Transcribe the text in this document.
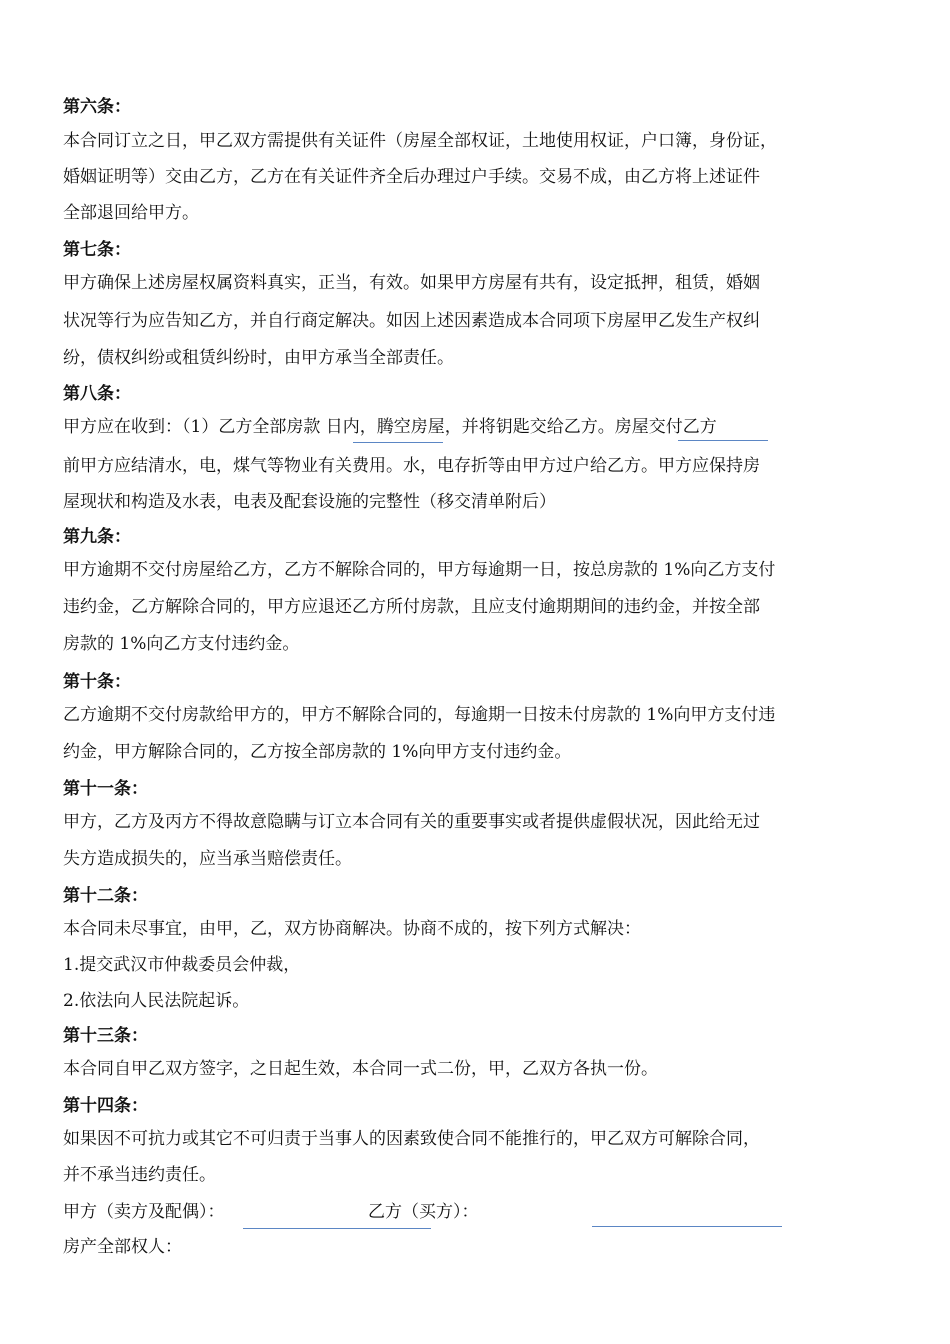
第六条：
本合同订立之日，甲乙双方需提供有关证件（房屋全部权证，土地使用权证，户口簿，身份证，
婚姻证明等）交由乙方，乙方在有关证件齐全后办理过户手续。交易不成，由乙方将上述证件
全部退回给甲方。
第七条：
甲方确保上述房屋权属资料真实，正当，有效。如果甲方房屋有共有，设定抵押，租赁，婚姻
状况等行为应告知乙方，并自行商定解决。如因上述因素造成本合同项下房屋甲乙发生产权纠
纷，债权纠纷或租赁纠纷时，由甲方承当全部责任。
第八条：
甲方应在收到：（1）乙方全部房款 日内，腾空房屋，并将钥匙交给乙方。房屋交付乙方
前甲方应结清水，电，煤气等物业有关费用。水，电存折等由甲方过户给乙方。甲方应保持房
屋现状和构造及水表，电表及配套设施的完整性（移交清单附后）
第九条：
甲方逾期不交付房屋给乙方，乙方不解除合同的，甲方每逾期一日，按总房款的 1%向乙方支付
违约金，乙方解除合同的，甲方应退还乙方所付房款，且应支付逾期期间的违约金，并按全部
房款的 1%向乙方支付违约金。
第十条：
乙方逾期不交付房款给甲方的，甲方不解除合同的，每逾期一日按未付房款的 1%向甲方支付违
约金，甲方解除合同的，乙方按全部房款的 1%向甲方支付违约金。
第十一条：
甲方，乙方及丙方不得故意隐瞒与订立本合同有关的重要事实或者提供虚假状况，因此给无过
失方造成损失的，应当承当赔偿责任。
第十二条：
本合同未尽事宜，由甲，乙，双方协商解决。协商不成的，按下列方式解决：
1.提交武汉市仲裁委员会仲裁，
2.依法向人民法院起诉。
第十三条：
本合同自甲乙双方签字，之日起生效，本合同一式二份，甲，乙双方各执一份。
第十四条：
如果因不可抗力或其它不可归责于当事人的因素致使合同不能推行的，甲乙双方可解除合同，
并不承当违约责任。
甲方（卖方及配偶）：	乙方（买方）：
房产全部权人：
